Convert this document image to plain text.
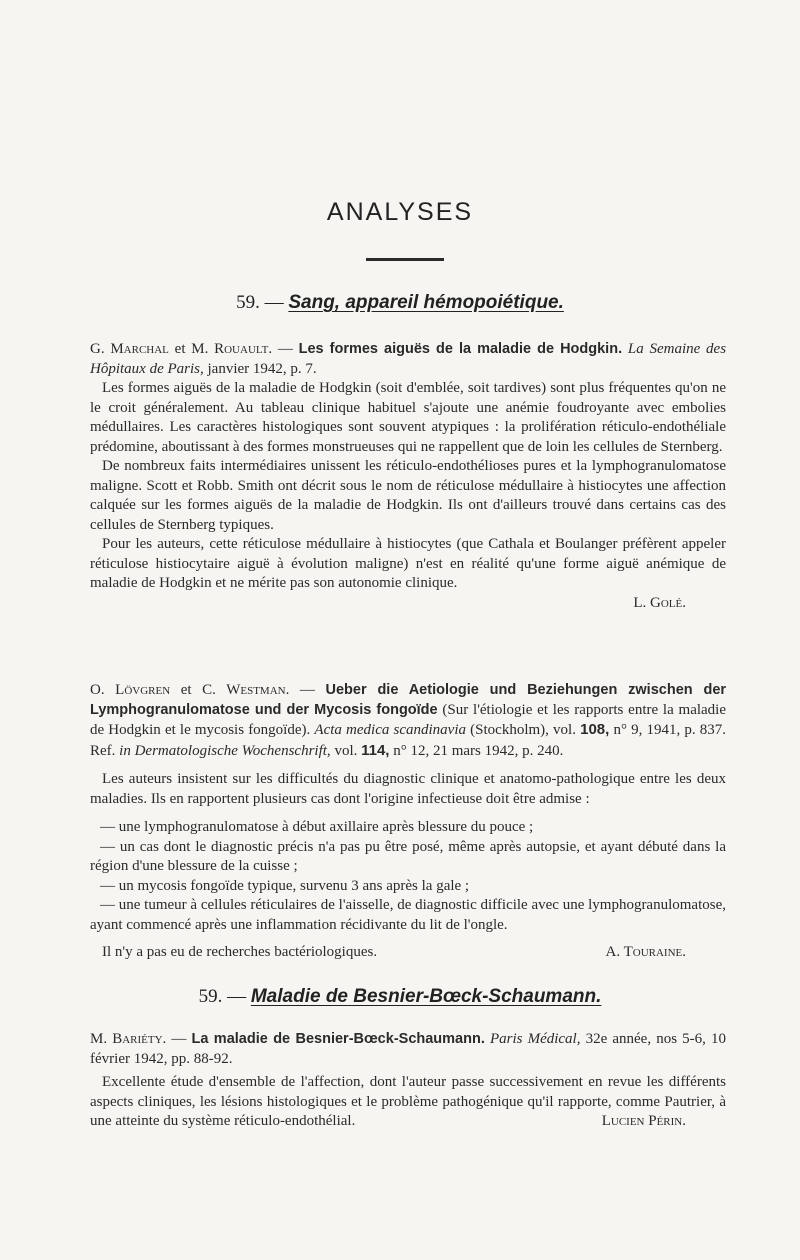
ANALYSES
59. — Sang, appareil hémopoiétique.

G. Marchal et M. Rouault. — Les formes aiguës de la maladie de Hodgkin. La Semaine des Hôpitaux de Paris, janvier 1942, p. 7.

Les formes aiguës de la maladie de Hodgkin (soit d'emblée, soit tardives) sont plus fréquentes qu'on ne le croit généralement. Au tableau clinique habituel s'ajoute une anémie foudroyante avec embolies médullaires. Les caractères histologiques sont souvent atypiques : la prolifération réticulo-endothéliale prédomine, aboutissant à des formes monstrueuses qui ne rappellent que de loin les cellules de Sternberg.

De nombreux faits intermédiaires unissent les réticulo-endothélioses pures et la lymphogranulomatose maligne. Scott et Robb. Smith ont décrit sous le nom de réticulose médullaire à histiocytes une affection calquée sur les formes aiguës de la maladie de Hodgkin. Ils ont d'ailleurs trouvé dans certains cas des cellules de Sternberg typiques.

Pour les auteurs, cette réticulose médullaire à histiocytes (que Cathala et Boulanger préfèrent appeler réticulose histiocytaire aiguë à évolution maligne) n'est en réalité qu'une forme aiguë anémique de maladie de Hodgkin et ne mérite pas son autonomie clinique.

L. Golé.

O. Lövgren et C. Westman. — Ueber die Aetiologie und Beziehungen zwischen der Lymphogranulomatose und der Mycosis fongoïde (Sur l'étiologie et les rapports entre la maladie de Hodgkin et le mycosis fongoïde). Acta medica scandinavia (Stockholm), vol. 108, n° 9, 1941, p. 837. Ref. in Dermatologische Wochenschrift, vol. 114, n° 12, 21 mars 1942, p. 240.

Les auteurs insistent sur les difficultés du diagnostic clinique et anatomo-pathologique entre les deux maladies. Ils en rapportent plusieurs cas dont l'origine infectieuse doit être admise :

— une lymphogranulomatose à début axillaire après blessure du pouce ;

— un cas dont le diagnostic précis n'a pas pu être posé, même après autopsie, et ayant débuté dans la région d'une blessure de la cuisse ;

— un mycosis fongoïde typique, survenu 3 ans après la gale ;

— une tumeur à cellules réticulaires de l'aisselle, de diagnostic difficile avec une lymphogranulomatose, ayant commencé après une inflammation récidivante du lit de l'ongle.

Il n'y a pas eu de recherches bactériologiques.	A. Touraine.

59. — Maladie de Besnier-Bœck-Schaumann.

M. Bariéty. — La maladie de Besnier-Bœck-Schaumann. Paris Médical, 32e année, nos 5-6, 10 février 1942, pp. 88-92.

Excellente étude d'ensemble de l'affection, dont l'auteur passe successivement en revue les différents aspects cliniques, les lésions histologiques et le problème pathogénique qu'il rapporte, comme Pautrier, à une atteinte du système réticulo-endothélial.	Lucien Périn.
